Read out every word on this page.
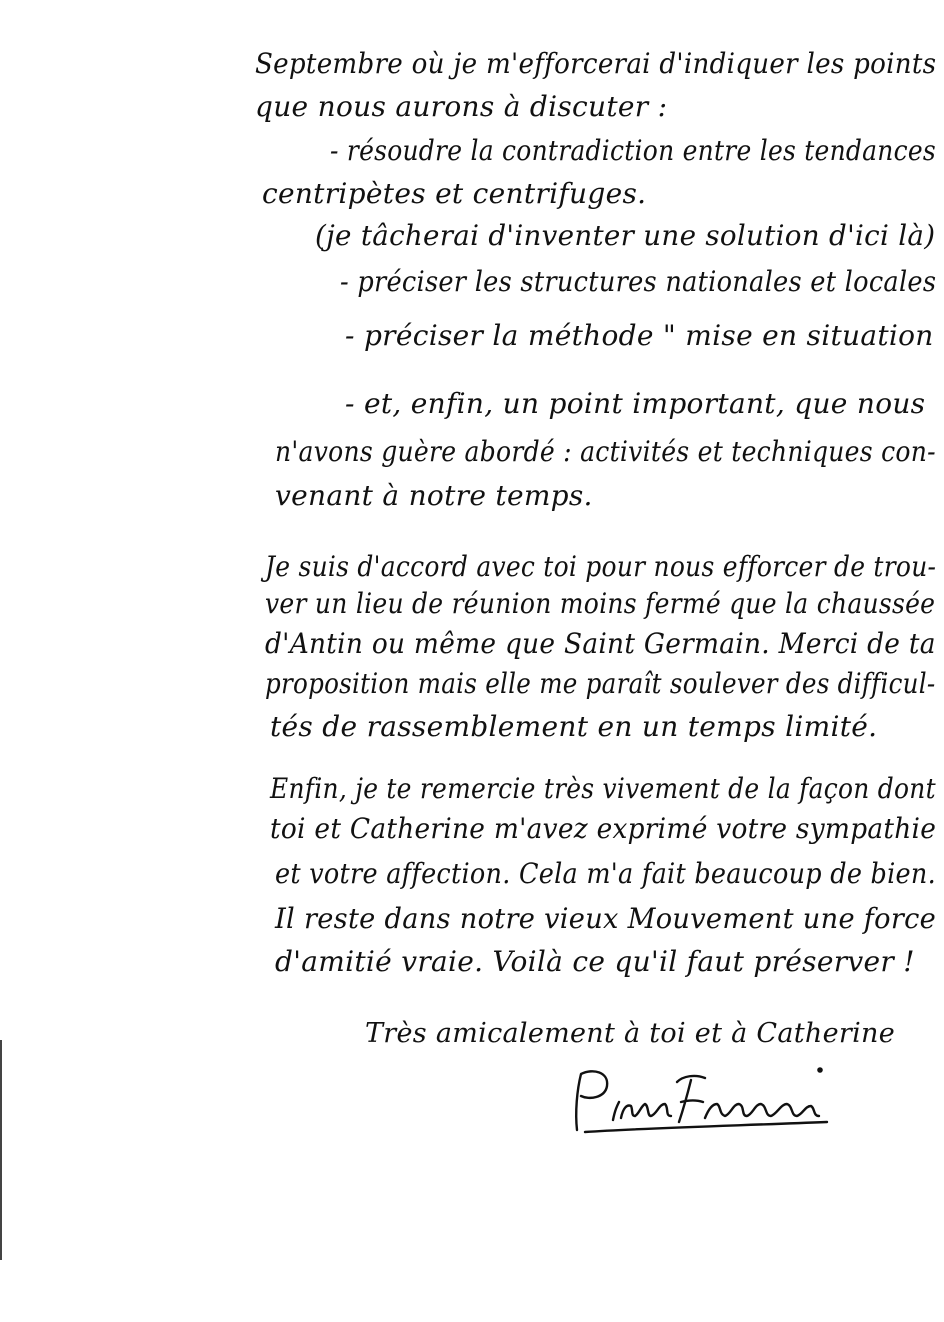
Septembre où je m'efforcerai d'indiquer les points
que nous aurons à discuter :
- résoudre la contradiction entre les tendances
centripètes et centrifuges.
(je tâcherai d'inventer une solution d'ici là)
- préciser les structures nationales et locales
- préciser la méthode " mise en situation
- et, enfin, un point important, que nous
n'avons guère abordé : activités et techniques con-
venant à notre temps.
Je suis d'accord avec toi pour nous efforcer de trou-
ver un lieu de réunion moins fermé que la chaussée
d'Antin ou même que Saint Germain. Merci de ta
proposition mais elle me paraît soulever des difficul-
tés de rassemblement en un temps limité.
Enfin, je te remercie très vivement de la façon dont
toi et Catherine m'avez exprimé votre sympathie
et votre affection. Cela m'a fait beaucoup de bien.
Il reste dans notre vieux Mouvement une force
d'amitié vraie. Voilà ce qu'il faut préserver !
Très amicalement à toi et à Catherine
